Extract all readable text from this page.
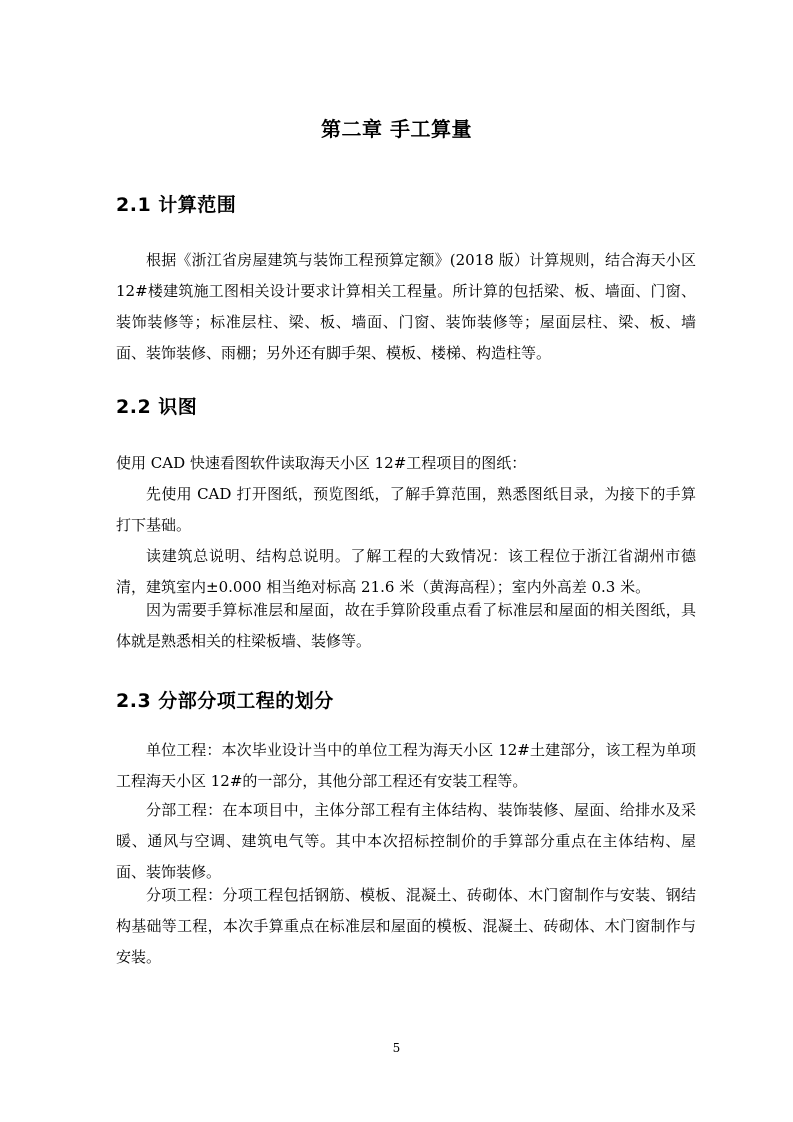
第二章 手工算量
2.1 计算范围

根据《浙江省房屋建筑与装饰工程预算定额》(2018 版）计算规则，结合海天小区 12#楼建筑施工图相关设计要求计算相关工程量。所计算的包括梁、板、墙面、门窗、装饰装修等；标准层柱、梁、板、墙面、门窗、装饰装修等；屋面层柱、梁、板、墙面、装饰装修、雨棚；另外还有脚手架、模板、楼梯、构造柱等。

2.2 识图

使用 CAD 快速看图软件读取海天小区 12#工程项目的图纸：

先使用 CAD 打开图纸，预览图纸，了解手算范围，熟悉图纸目录，为接下的手算打下基础。

读建筑总说明、结构总说明。了解工程的大致情况：该工程位于浙江省湖州市德清，建筑室内±0.000 相当绝对标高 21.6 米（黄海高程）；室内外高差 0.3 米。

因为需要手算标准层和屋面，故在手算阶段重点看了标准层和屋面的相关图纸，具体就是熟悉相关的柱梁板墙、装修等。

2.3 分部分项工程的划分

单位工程：本次毕业设计当中的单位工程为海天小区 12#土建部分，该工程为单项工程海天小区 12#的一部分，其他分部工程还有安装工程等。

分部工程：在本项目中，主体分部工程有主体结构、装饰装修、屋面、给排水及采暖、通风与空调、建筑电气等。其中本次招标控制价的手算部分重点在主体结构、屋面、装饰装修。

分项工程：分项工程包括钢筋、模板、混凝土、砖砌体、木门窗制作与安装、钢结构基础等工程，本次手算重点在标准层和屋面的模板、混凝土、砖砌体、木门窗制作与安装。

5
